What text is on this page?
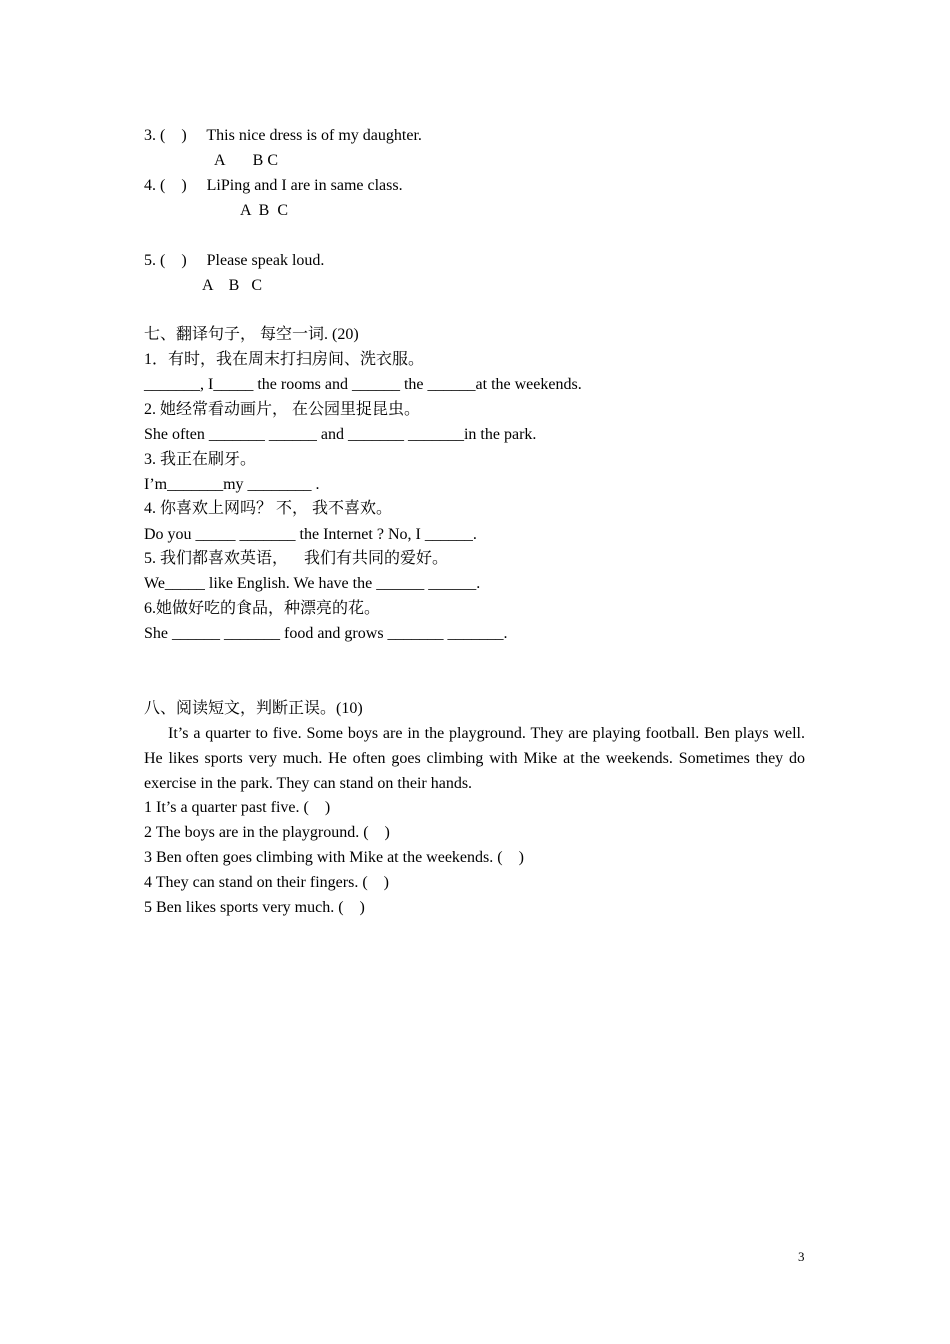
3. (    )     This nice dress is of my daughter.
A       B C
4. (    )     LiPing and I are in same class.
A  B  C
5. (    )     Please speak loud.
A    B   C
七、翻译句子， 每空一词. (20)
1．有时，我在周末打扫房间、洗衣服。
_______, I_____ the rooms and ______ the ______at the weekends.
2. 她经常看动画片， 在公园里捉昆虫。
She often _______ ______ and _______ _______in the park.
3. 我正在刷牙。
I’m_______my ________ .
4. 你喜欢上网吗？ 不， 我不喜欢。
Do you _____ _______ the Internet ? No, I ______.
5. 我们都喜欢英语，    我们有共同的爱好。
We_____ like English. We have the ______ ______.
6.她做好吃的食品，种漂亮的花。
She ______ _______ food and grows _______ _______.
八、阅读短文，判断正误。(10)
It’s a quarter to five. Some boys are in the playground. They are playing football. Ben plays well. He likes sports very much. He often goes climbing with Mike at the weekends. Sometimes they do exercise in the park. They can stand on their hands.
1 It’s a quarter past five. (    )
2 The boys are in the playground. (    )
3 Ben often goes climbing with Mike at the weekends. (    )
4 They can stand on their fingers. (    )
5 Ben likes sports very much. (    )
3
